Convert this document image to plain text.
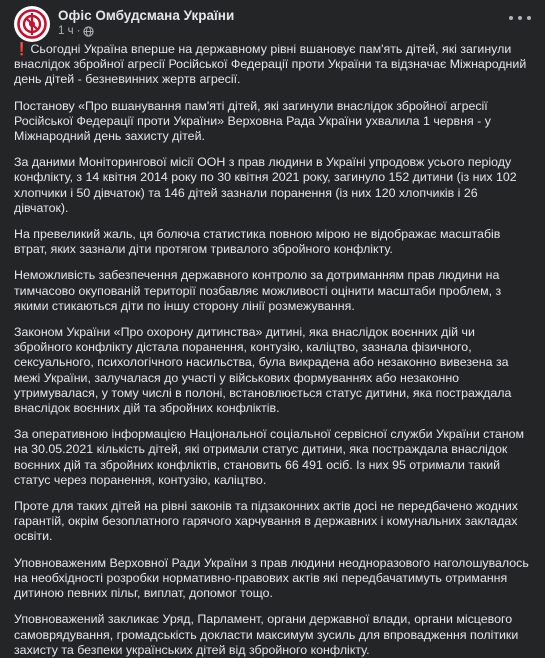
Офіс Омбудсмана України
1 ч ·

❗Сьогодні Україна вперше на державному рівні вшановує пам'ять дітей, які загинули внаслідок збройної агресії Російської Федерації проти України та відзначає Міжнародний день дітей - безневинних жертв агресії.

Постанову «Про вшанування пам'яті дітей, які загинули внаслідок збройної агресії Російської Федерації проти України» Верховна Рада України ухвалила 1 червня - у Міжнародний день захисту дітей.

За даними Моніторингової місії ООН з прав людини в Україні упродовж усього періоду конфлікту, з 14 квітня 2014 року по 30 квітня 2021 року, загинуло 152 дитини (із них 102 хлопчики і 50 дівчаток) та 146 дітей зазнали поранення (із них 120 хлопчиків і 26 дівчаток).

На превеликий жаль, ця болюча статистика повною мірою не відображає масштабів втрат, яких зазнали діти протягом тривалого збройного конфлікту.

Неможливість забезпечення державного контролю за дотриманням прав людини на тимчасово окупованій території позбавляє можливості оцінити масштаби проблем, з якими стикаються діти по іншу сторону лінії розмежування.

Законом України «Про охорону дитинства» дитині, яка внаслідок воєнних дій чи збройного конфлікту дістала поранення, контузію, каліцтво, зазнала фізичного, сексуального, психологічного насильства, була викрадена або незаконно вивезена за межі України, залучалася до участі у військових формуваннях або незаконно утримувалася, у тому числі в полоні, встановлюється статус дитини, яка постраждала внаслідок воєнних дій та збройних конфліктів.

За оперативною інформацією Національної соціальної сервісної служби України станом на 30.05.2021 кількість дітей, які отримали статус дитини, яка постраждала внаслідок воєнних дій та збройних конфліктів, становить 66 491 осіб. Із них 95 отримали такий статус через поранення, контузію, каліцтво.

Проте для таких дітей на рівні законів та підзаконних актів досі не передбачено жодних гарантій, окрім безоплатного гарячого харчування в державних і комунальних закладах освіти.

Уповноваженим Верховної Ради України з прав людини неодноразового наголошувалось на необхідності розробки нормативно-правових актів які передбачатимуть отримання дитиною певних пільг, виплат, допомог тощо.

Уповноважений закликає Уряд, Парламент, органи державної влади, органи місцевого самоврядування, громадськість докласти максимум зусиль для впровадження політики захисту та безпеки українських дітей від збройного конфлікту.
